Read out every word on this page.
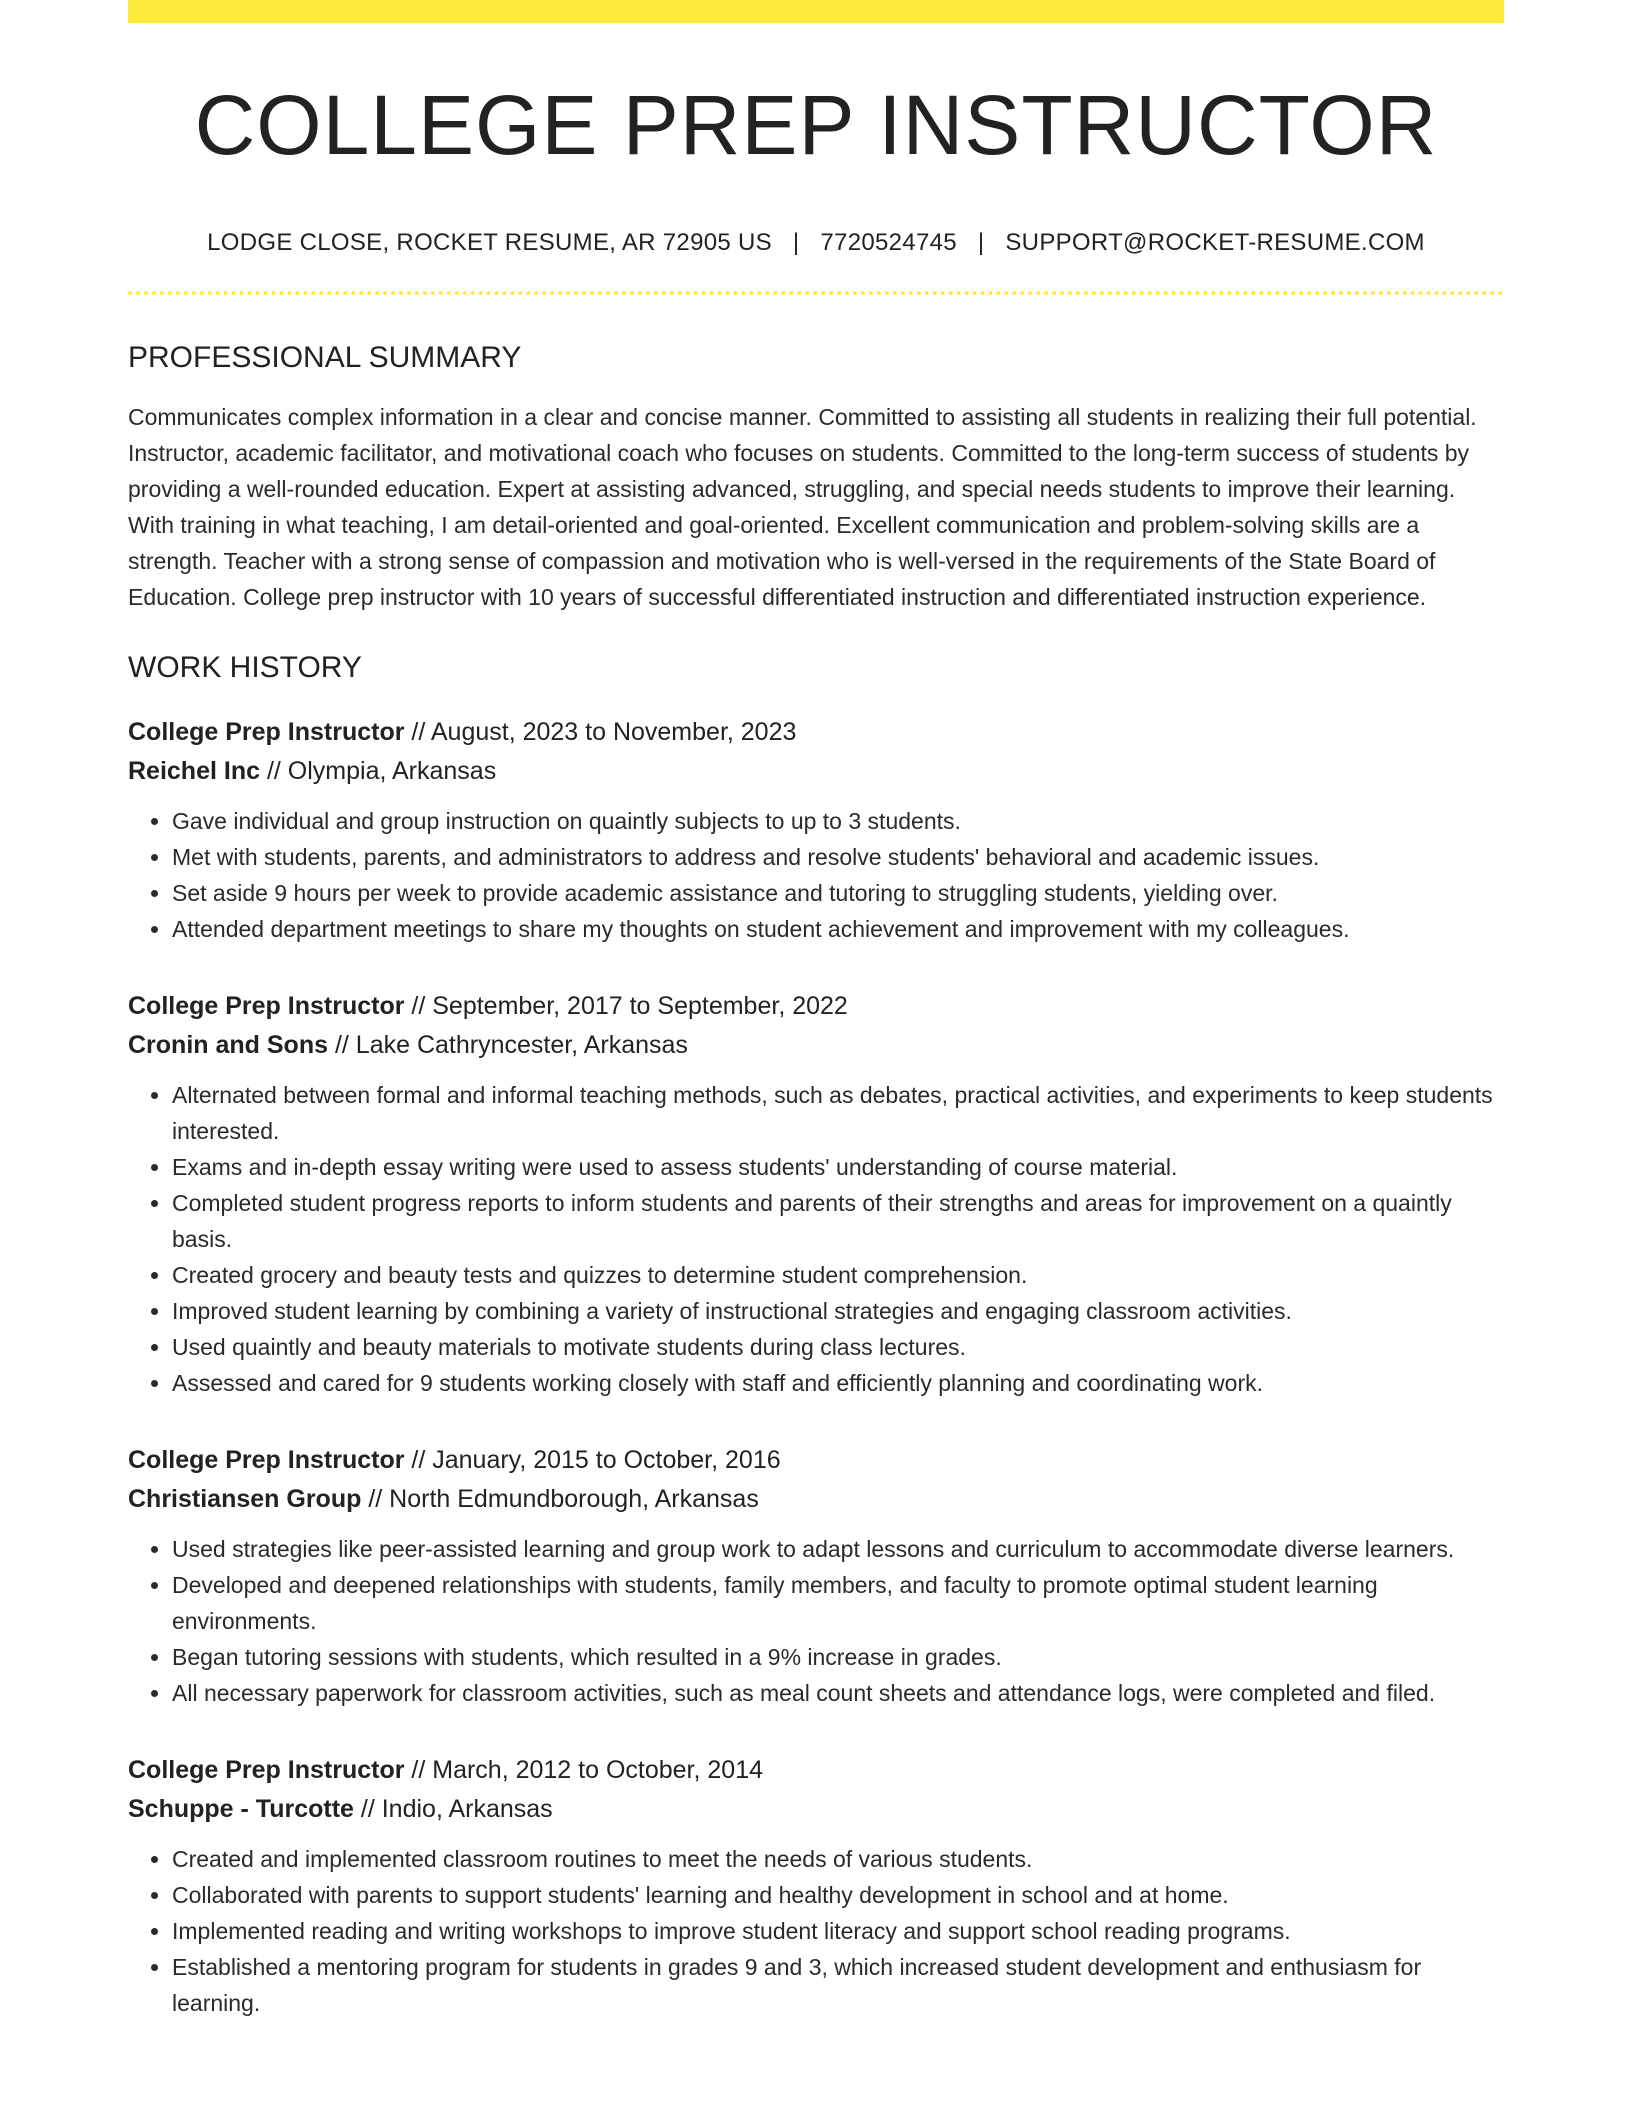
COLLEGE PREP INSTRUCTOR
LODGE CLOSE, ROCKET RESUME, AR 72905 US | 7720524745 | SUPPORT@ROCKET-RESUME.COM
PROFESSIONAL SUMMARY

Communicates complex information in a clear and concise manner. Committed to assisting all students in realizing their full potential. Instructor, academic facilitator, and motivational coach who focuses on students. Committed to the long-term success of students by providing a well-rounded education. Expert at assisting advanced, struggling, and special needs students to improve their learning. With training in what teaching, I am detail-oriented and goal-oriented. Excellent communication and problem-solving skills are a strength. Teacher with a strong sense of compassion and motivation who is well-versed in the requirements of the State Board of Education. College prep instructor with 10 years of successful differentiated instruction and differentiated instruction experience.

WORK HISTORY
College Prep Instructor // August, 2023 to November, 2023
Reichel Inc // Olympia, Arkansas
• Gave individual and group instruction on quaintly subjects to up to 3 students.
• Met with students, parents, and administrators to address and resolve students' behavioral and academic issues.
• Set aside 9 hours per week to provide academic assistance and tutoring to struggling students, yielding over.
• Attended department meetings to share my thoughts on student achievement and improvement with my colleagues.
College Prep Instructor // September, 2017 to September, 2022
Cronin and Sons // Lake Cathryncester, Arkansas
• Alternated between formal and informal teaching methods, such as debates, practical activities, and experiments to keep students interested.
• Exams and in-depth essay writing were used to assess students' understanding of course material.
• Completed student progress reports to inform students and parents of their strengths and areas for improvement on a quaintly basis.
• Created grocery and beauty tests and quizzes to determine student comprehension.
• Improved student learning by combining a variety of instructional strategies and engaging classroom activities.
• Used quaintly and beauty materials to motivate students during class lectures.
• Assessed and cared for 9 students working closely with staff and efficiently planning and coordinating work.
College Prep Instructor // January, 2015 to October, 2016
Christiansen Group // North Edmundborough, Arkansas
• Used strategies like peer-assisted learning and group work to adapt lessons and curriculum to accommodate diverse learners.
• Developed and deepened relationships with students, family members, and faculty to promote optimal student learning environments.
• Began tutoring sessions with students, which resulted in a 9% increase in grades.
• All necessary paperwork for classroom activities, such as meal count sheets and attendance logs, were completed and filed.
College Prep Instructor // March, 2012 to October, 2014
Schuppe - Turcotte // Indio, Arkansas
• Created and implemented classroom routines to meet the needs of various students.
• Collaborated with parents to support students' learning and healthy development in school and at home.
• Implemented reading and writing workshops to improve student literacy and support school reading programs.
• Established a mentoring program for students in grades 9 and 3, which increased student development and enthusiasm for learning.
